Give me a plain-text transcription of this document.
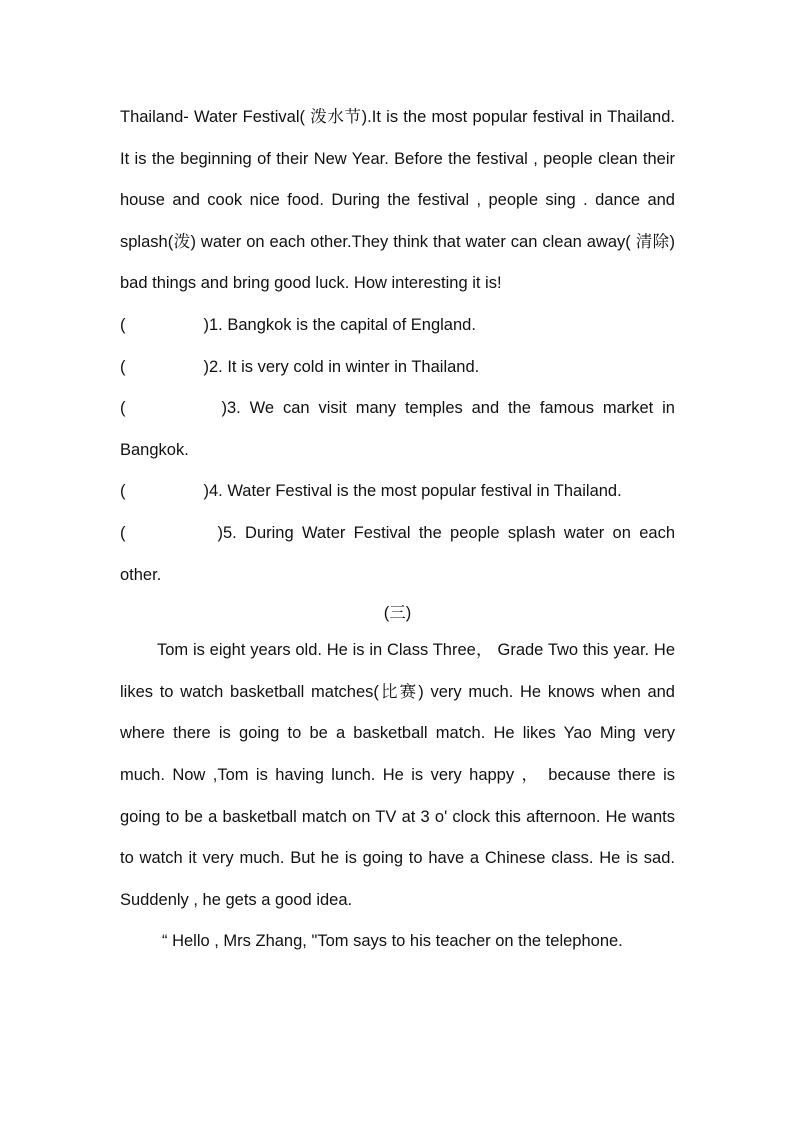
Thailand- Water Festival( 泼水节).It is the most popular festival in Thailand. It is the beginning of their New Year. Before the festival , people clean their house and cook nice food. During the festival , people sing . dance and splash(泼) water on each other.They think that water can clean away( 清除) bad things and bring good luck. How interesting it is!

(	)1. Bangkok is the capital of England.

(	)2. It is very cold in winter in Thailand.

(	)3. We can visit many temples and the famous market in Bangkok.

(	)4. Water Festival is the most popular festival in Thailand.

(	)5. During Water Festival the people splash water on each other.

(三)

Tom is eight years old. He is in Class Three， Grade Two this year. He likes to watch basketball matches(比赛) very much. He knows when and where there is going to be a basketball match. He likes Yao Ming very much. Now ,Tom is having lunch. He is very happy ， because there is going to be a basketball match on TV at 3 o' clock this afternoon. He wants to watch it very much. But he is going to have a Chinese class. He is sad. Suddenly , he gets a good idea.

“ Hello , Mrs Zhang, "Tom says to his teacher on the telephone.
